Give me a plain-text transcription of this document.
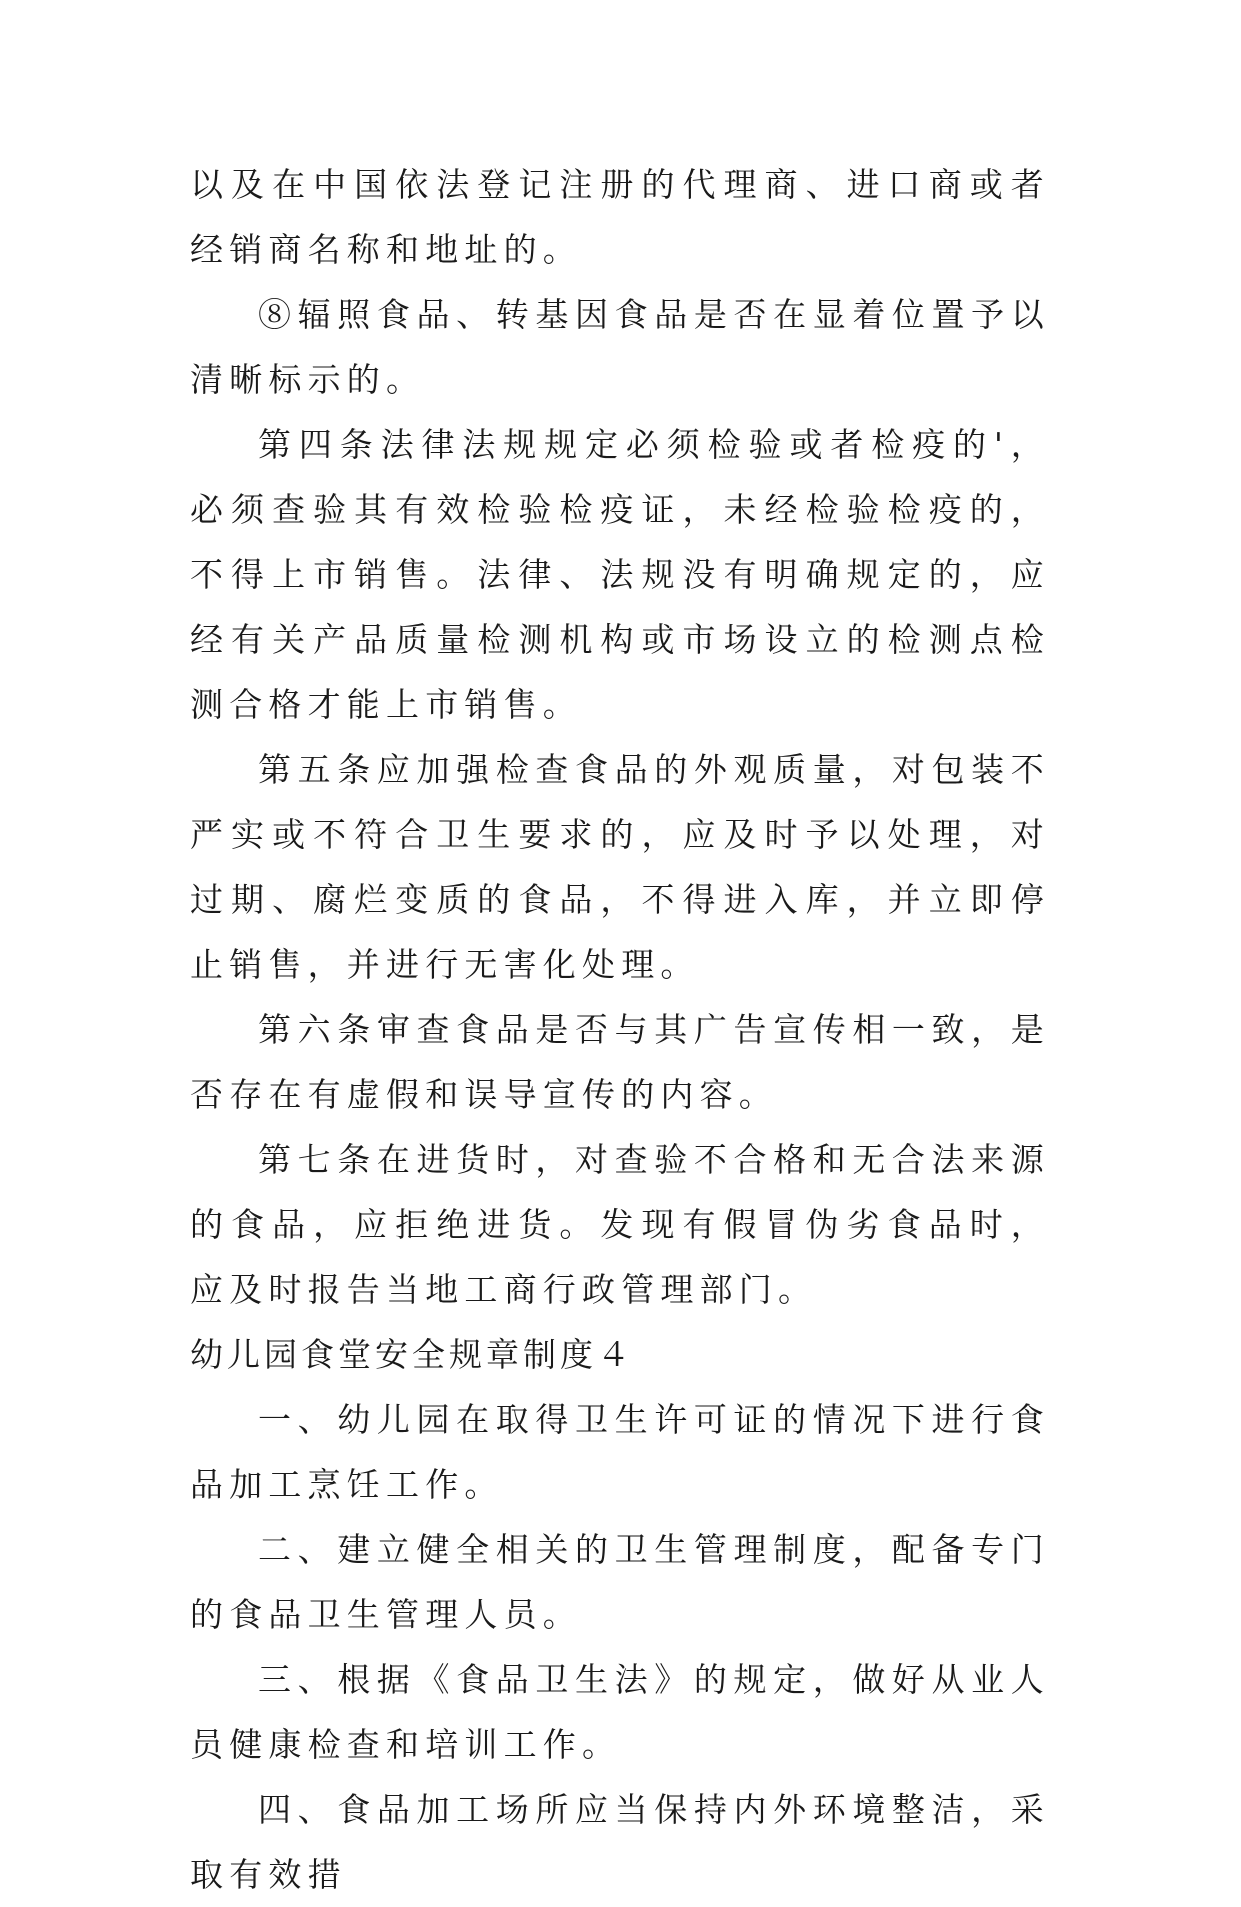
以及在中国依法登记注册的代理商、进口商或者经销商名称和地址的。

⑧辐照食品、转基因食品是否在显着位置予以清晰标示的。

第四条法律法规规定必须检验或者检疫的'，必须查验其有效检验检疫证，未经检验检疫的，不得上市销售。法律、法规没有明确规定的，应经有关产品质量检测机构或市场设立的检测点检测合格才能上市销售。

第五条应加强检查食品的外观质量，对包装不严实或不符合卫生要求的，应及时予以处理，对过期、腐烂变质的食品，不得进入库，并立即停止销售，并进行无害化处理。

第六条审查食品是否与其广告宣传相一致，是否存在有虚假和误导宣传的内容。

第七条在进货时，对查验不合格和无合法来源的食品，应拒绝进货。发现有假冒伪劣食品时，应及时报告当地工商行政管理部门。

幼儿园食堂安全规章制度４

一、幼儿园在取得卫生许可证的情况下进行食品加工烹饪工作。

二、建立健全相关的卫生管理制度，配备专门的食品卫生管理人员。

三、根据《食品卫生法》的规定，做好从业人员健康检查和培训工作。

四、食品加工场所应当保持内外环境整洁，采取有效措
